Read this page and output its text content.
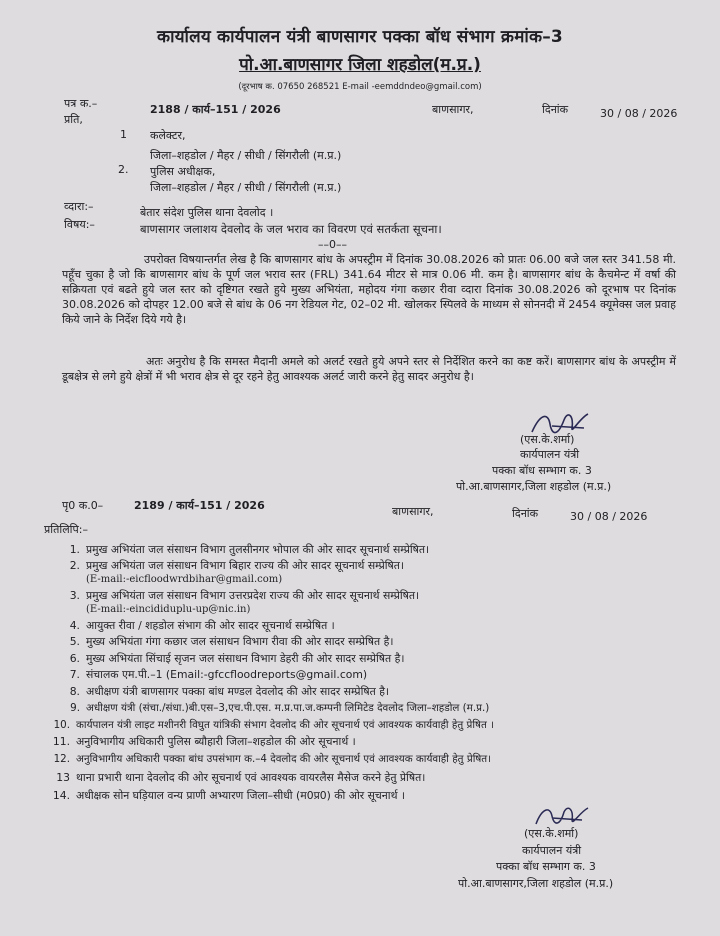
कार्यालय कार्यपालन यंत्री बाणसागर पक्का बॉध संभाग क्रमांक–3
पो.आ.बाणसागर जिला शहडोल(म.प्र.)
(दूरभाष क. 07650 268521 E-mail -eemddndeo@gmail.com)
पत्र क.–	2188 / कार्य–151 / 2026	बाणसागर,	दिनांक	30 / 08 / 2026
प्रति,
1 कलेक्टर,
जिला–शहडोल / मैहर / सीधी / सिंगरौली (म.प्र.)
2. पुलिस अधीक्षक,
जिला–शहडोल / मैहर / सीधी / सिंगरौली (म.प्र.)
व्दारा:–	बेतार संदेश पुलिस थाना देवलोद ।
विषय:–	बाणसागर जलाशय देवलोद के जल भराव का विवरण एवं सतर्कता सूचना।
––0––
उपरोक्त विषयान्तर्गत लेख है कि बाणसागर बांध के अपस्ट्रीम में दिनांक 30.08.2026 को प्रातः 06.00 बजे जल स्तर 341.58 मी. पहूँच चुका है जो कि बाणसागर बांध के पूर्ण जल भराव स्तर (FRL) 341.64 मीटर से मात्र 0.06 मी. कम है। बाणसागर बांध के कैचमेन्ट में वर्षा की सक्रियता एवं बढते हुये जल स्तर को दृष्टिगत रखते हुये मुख्य अभियंता, महोदय गंगा कछार रीवा व्दारा दिनांक 30.08.2026 को दूरभाष पर दिनांक 30.08.2026 को दोपहर 12.00 बजे से बांध के 06 नग रेडियल गेट, 02–02 मी. खोलकर स्पिलवे के माध्यम से सोननदी में 2454 क्यूमेक्स जल प्रवाह किये जाने के निर्देश दिये गये है।
अतः अनुरोध है कि समस्त मैदानी अमले को अलर्ट रखते हुये अपने स्तर से निर्देशित करने का कष्ट करें। बाणसागर बांध के अपस्ट्रीम में डूबक्षेत्र से लगे हुये क्षेत्रों में भी भराव क्षेत्र से दूर रहने हेतु आवश्यक अलर्ट जारी करने हेतु सादर अनुरोध है।
(एस.के.शर्मा)
कार्यपालन यंत्री
पक्का बॉध सम्भाग क. 3
पो.आ.बाणसागर,जिला शहडोल (म.प्र.)
पृ0 क.0–	2189 / कार्य–151 / 2026	बाणसागर,	दिनांक	30 / 08 / 2026
प्रतिलिपि:–
1. प्रमुख अभियंता जल संसाधन विभाग तुलसीनगर भोपाल की ओर सादर सूचनार्थ सम्प्रेषित।
2. प्रमुख अभियंता जल संसाधन विभाग बिहार राज्य की ओर सादर सूचनार्थ सम्प्रेषित।
(E-mail:-eicfloodwrdbihar@gmail.com)
3. प्रमुख अभियंता जल संसाधन विभाग उत्तरप्रदेश राज्य की ओर सादर सूचनार्थ सम्प्रेषित।
(E-mail:-eincididuplu-up@nic.in)
4. आयुक्त रीवा / शहडोल संभाग की ओर सादर सूचनार्थ सम्प्रेषित ।
5. मुख्य अभियंता गंगा कछार जल संसाधन विभाग रीवा की ओर सादर सम्प्रेषित है।
6. मुख्य अभियंता सिंचाई सृजन जल संसाधन विभाग डेहरी की ओर सादर सम्प्रेषित है।
7. संचालक एम.पी.–1 (Email:-gfccfloodreports@gmail.com)
8. अधीक्षण यंत्री बाणसागर पक्का बांध मण्डल देवलोद की ओर सादर सम्प्रेषित है।
9. अधीक्षण यंत्री (संचा./संधा.)बी.एस–3,एच.पी.एस. म.प्र.पा.ज.कम्पनी लिमिटेड देवलोद जिला–शहडोल (म.प्र.)
10. कार्यपालन यंत्री लाइट मशीनरी विघुत यांत्रिकी संभाग देवलोद की ओर सूचनार्थ एवं आवश्यक कार्यवाही हेतु प्रेषित ।
11. अनुविभागीय अधिकारी पुलिस ब्यौहारी जिला–शहडोल की ओर सूचनार्थ ।
12. अनुविभागीय अधिकारी पक्का बांध उपसंभाग क.–4 देवलोद की ओर सूचनार्थ एवं आवश्यक कार्यवाही हेतु प्रेषित।
13 थाना प्रभारी थाना देवलोद की ओर सूचनार्थ एवं आवश्यक वायरलैस मैसेज करने हेतु प्रेषित।
14. अधीक्षक सोन घड़ियाल वन्य प्राणी अभ्यारण जिला–सीधी (म0प्र0) की ओर सूचनार्थ ।
(एस.के.शर्मा)
कार्यपालन यंत्री
पक्का बॉध सम्भाग क. 3
पो.आ.बाणसागर,जिला शहडोल (म.प्र.)
